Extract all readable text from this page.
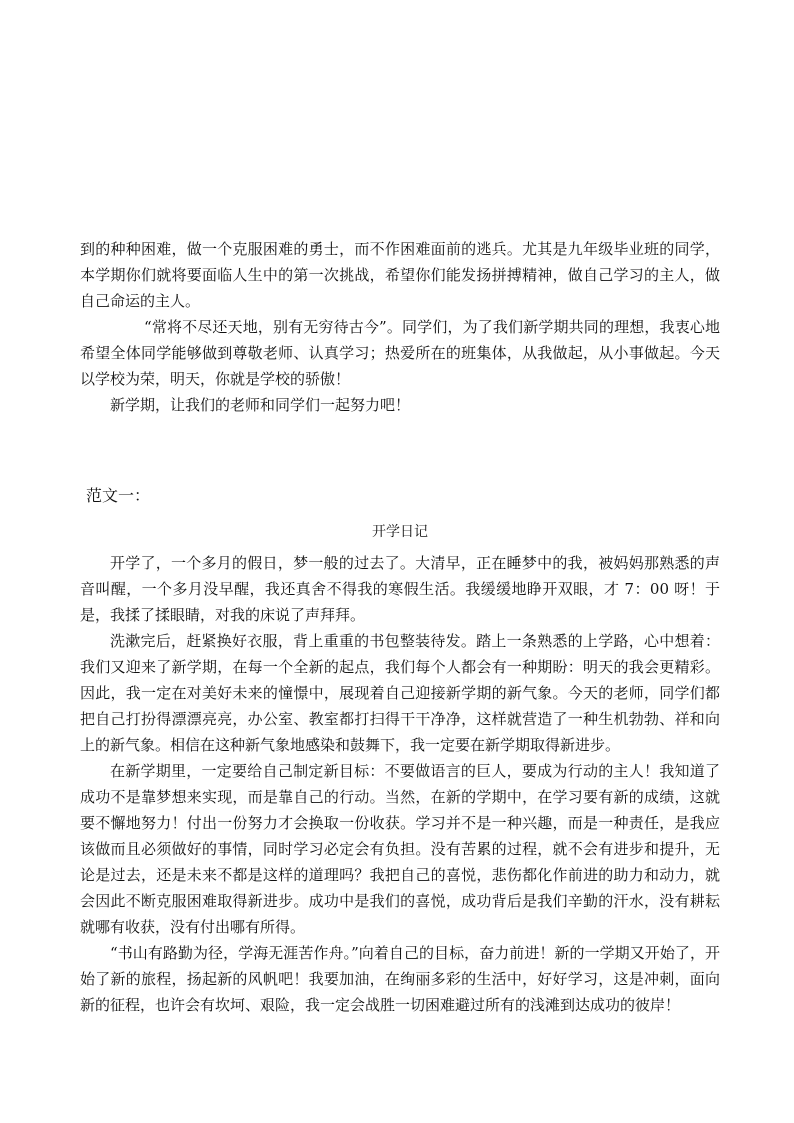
到的种种困难，做一个克服困难的勇士，而不作困难面前的逃兵。尤其是九年级毕业班的同学，本学期你们就将要面临人生中的第一次挑战，希望你们能发扬拼搏精神，做自己学习的主人，做自己命运的主人。

“常将不尽还天地，别有无穷待古今”。同学们，为了我们新学期共同的理想，我衷心地希望全体同学能够做到尊敬老师、认真学习；热爱所在的班集体，从我做起，从小事做起。今天以学校为荣，明天，你就是学校的骄傲！

新学期，让我们的老师和同学们一起努力吧！

范文一：
开学日记

开学了，一个多月的假日，梦一般的过去了。大清早，正在睡梦中的我，被妈妈那熟悉的声音叫醒，一个多月没早醒，我还真舍不得我的寒假生活。我缓缓地睁开双眼，才 7：00 呀！于是，我揉了揉眼睛，对我的床说了声拜拜。

洗漱完后，赶紧换好衣服，背上重重的书包整装待发。踏上一条熟悉的上学路，心中想着：我们又迎来了新学期，在每一个全新的起点，我们每个人都会有一种期盼：明天的我会更精彩。因此，我一定在对美好未来的憧憬中，展现着自己迎接新学期的新气象。今天的老师，同学们都把自己打扮得漂漂亮亮，办公室、教室都打扫得干干净净，这样就营造了一种生机勃勃、祥和向上的新气象。相信在这种新气象地感染和鼓舞下，我一定要在新学期取得新进步。

在新学期里，一定要给自己制定新目标：不要做语言的巨人，要成为行动的主人！我知道了成功不是靠梦想来实现，而是靠自己的行动。当然，在新的学期中，在学习要有新的成绩，这就要不懈地努力！付出一份努力才会换取一份收获。学习并不是一种兴趣，而是一种责任，是我应该做而且必须做好的事情，同时学习必定会有负担。没有苦累的过程，就不会有进步和提升，无论是过去，还是未来不都是这样的道理吗？我把自己的喜悦，悲伤都化作前进的助力和动力，就会因此不断克服困难取得新进步。成功中是我们的喜悦，成功背后是我们辛勤的汗水，没有耕耘就哪有收获，没有付出哪有所得。

“书山有路勤为径，学海无涯苦作舟。”向着自己的目标，奋力前进！新的一学期又开始了，开始了新的旅程，扬起新的风帆吧！我要加油，在绚丽多彩的生活中，好好学习，这是冲刺，面向新的征程，也许会有坎坷、艰险，我一定会战胜一切困难避过所有的浅滩到达成功的彼岸！
